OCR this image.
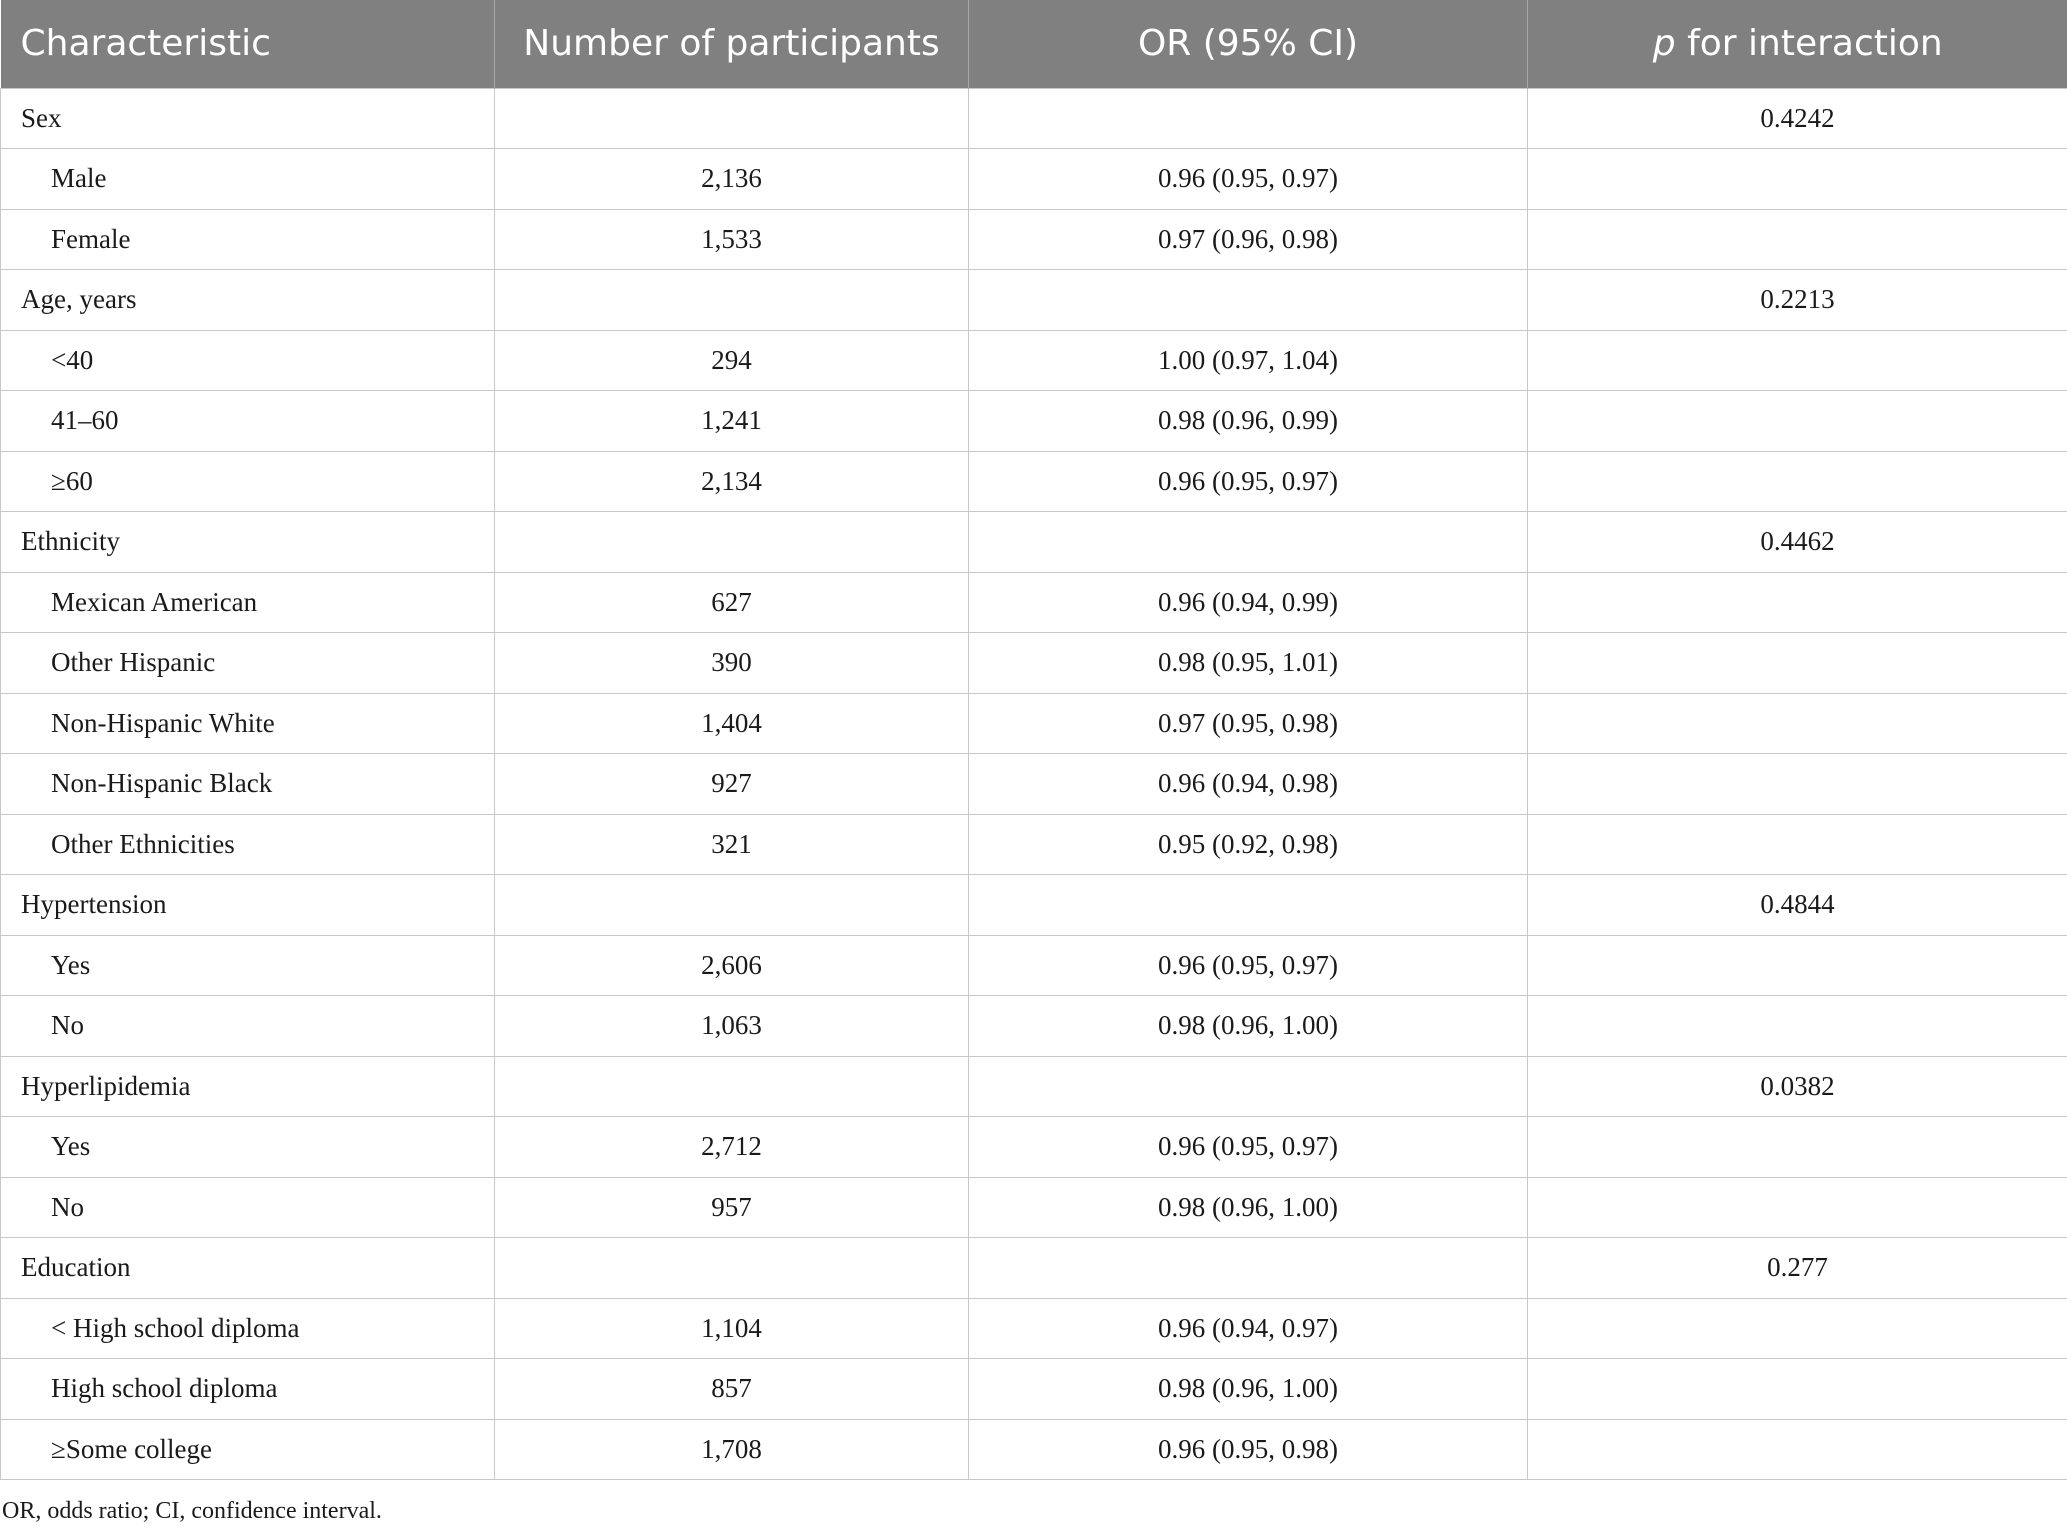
Characteristic	Number of participants	OR (95% CI)	p for interaction
Sex			0.4242
Male	2,136	0.96 (0.95, 0.97)	
Female	1,533	0.97 (0.96, 0.98)	
Age, years			0.2213
<40	294	1.00 (0.97, 1.04)	
41–60	1,241	0.98 (0.96, 0.99)	
≥60	2,134	0.96 (0.95, 0.97)	
Ethnicity			0.4462
Mexican American	627	0.96 (0.94, 0.99)	
Other Hispanic	390	0.98 (0.95, 1.01)	
Non-Hispanic White	1,404	0.97 (0.95, 0.98)	
Non-Hispanic Black	927	0.96 (0.94, 0.98)	
Other Ethnicities	321	0.95 (0.92, 0.98)	
Hypertension			0.4844
Yes	2,606	0.96 (0.95, 0.97)	
No	1,063	0.98 (0.96, 1.00)	
Hyperlipidemia			0.0382
Yes	2,712	0.96 (0.95, 0.97)	
No	957	0.98 (0.96, 1.00)	
Education			0.277
< High school diploma	1,104	0.96 (0.94, 0.97)	
High school diploma	857	0.98 (0.96, 1.00)	
≥Some college	1,708	0.96 (0.95, 0.98)	
OR, odds ratio; CI, confidence interval.
